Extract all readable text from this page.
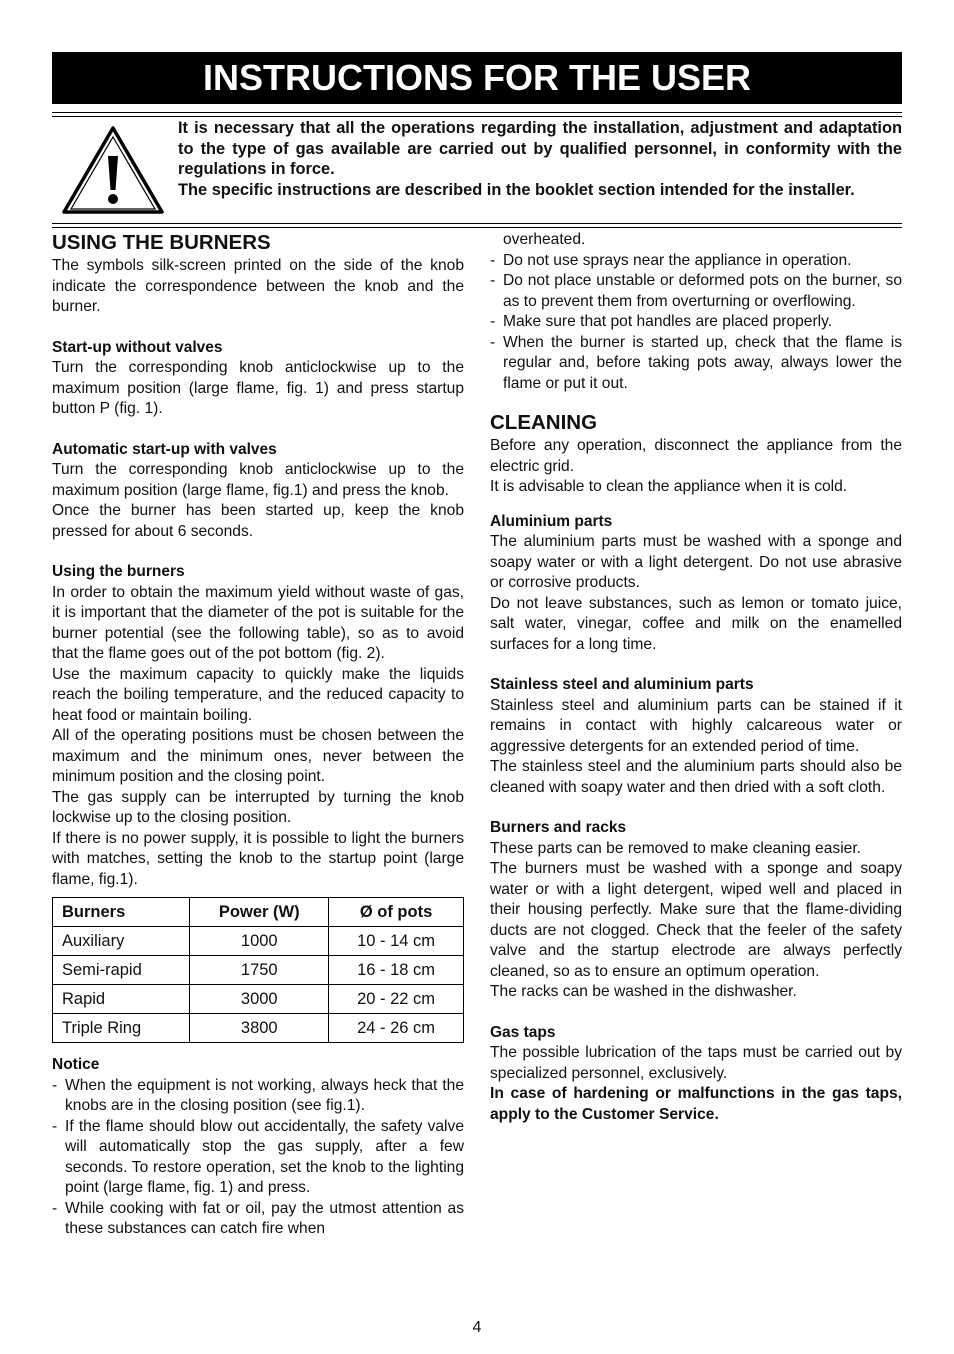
INSTRUCTIONS FOR THE USER

It is necessary that all the operations regarding the installation, adjustment and adaptation to the type of gas available are carried out by qualified personnel, in conformity with the regulations in force.

The specific instructions are described in the booklet section intended for the installer.

USING THE BURNERS

The symbols silk-screen printed on the side of the knob indicate the correspondence between the knob and the burner.

Start-up without valves

Turn the corresponding knob anticlockwise up to the maximum position (large flame, fig. 1) and press startup button P (fig. 1).

Automatic start-up with valves

Turn the corresponding knob anticlockwise up to the maximum position (large flame, fig.1) and press the knob.

Once the burner has been started up, keep the knob pressed for about 6 seconds.

Using the burners

In order to obtain the maximum yield without waste of gas, it is important that the diameter of the pot is suitable for the burner potential (see the following table), so as to avoid that the flame goes out of the pot bottom (fig. 2).

Use the maximum capacity to quickly make the liquids reach the boiling temperature, and the reduced capacity to heat food or maintain boiling.

All of the operating positions must be chosen between the maximum and the minimum ones, never between the minimum position and the closing point.

The gas supply can be interrupted by turning the knob lockwise up to the closing position.

If there is no power supply, it is possible to light the burners with matches, setting the knob to the startup point (large flame, fig.1).

Burners	Power (W)	Ø of pots
Auxiliary	1000	10 - 14 cm
Semi-rapid	1750	16 - 18 cm
Rapid	3000	20 - 22 cm
Triple Ring	3800	24 - 26 cm
Notice
- When the equipment is not working, always heck that the knobs are in the closing position (see fig.1).
- If the flame should blow out accidentally, the safety valve will automatically stop the gas supply, after a few seconds. To restore operation, set the knob to the lighting point (large flame, fig. 1) and press.
- While cooking with fat or oil, pay the utmost attention as these substances can catch fire when

overheated.

- Do not use sprays near the appliance in operation.
- Do not place unstable or deformed pots on the burner, so as to prevent them from overturning or overflowing.
- Make sure that pot handles are placed properly.
- When the burner is started up, check that the flame is regular and, before taking pots away, always lower the flame or put it out.
CLEANING

Before any operation, disconnect the appliance from the electric grid.

It is advisable to clean the appliance when it is cold.

Aluminium parts

The aluminium parts must be washed with a sponge and soapy water or with a light detergent. Do not use abrasive or corrosive products.

Do not leave substances, such as lemon or tomato juice, salt water, vinegar, coffee and milk on the enamelled surfaces for a long time.

Stainless steel and aluminium parts

Stainless steel and aluminium parts can be stained if it remains in contact with highly calcareous water or aggressive detergents for an extended period of time.

The stainless steel and the aluminium parts should also be cleaned with soapy water and then dried with a soft cloth.

Burners and racks

These parts can be removed to make cleaning easier.

The burners must be washed with a sponge and soapy water or with a light detergent, wiped well and placed in their housing perfectly. Make sure that the flame-dividing ducts are not clogged. Check that the feeler of the safety valve and the startup electrode are always perfectly cleaned, so as to ensure an optimum operation.

The racks can be washed in the dishwasher.

Gas taps

The possible lubrication of the taps must be carried out by specialized personnel, exclusively.

In case of hardening or malfunctions in the gas taps, apply to the Customer Service.

4
